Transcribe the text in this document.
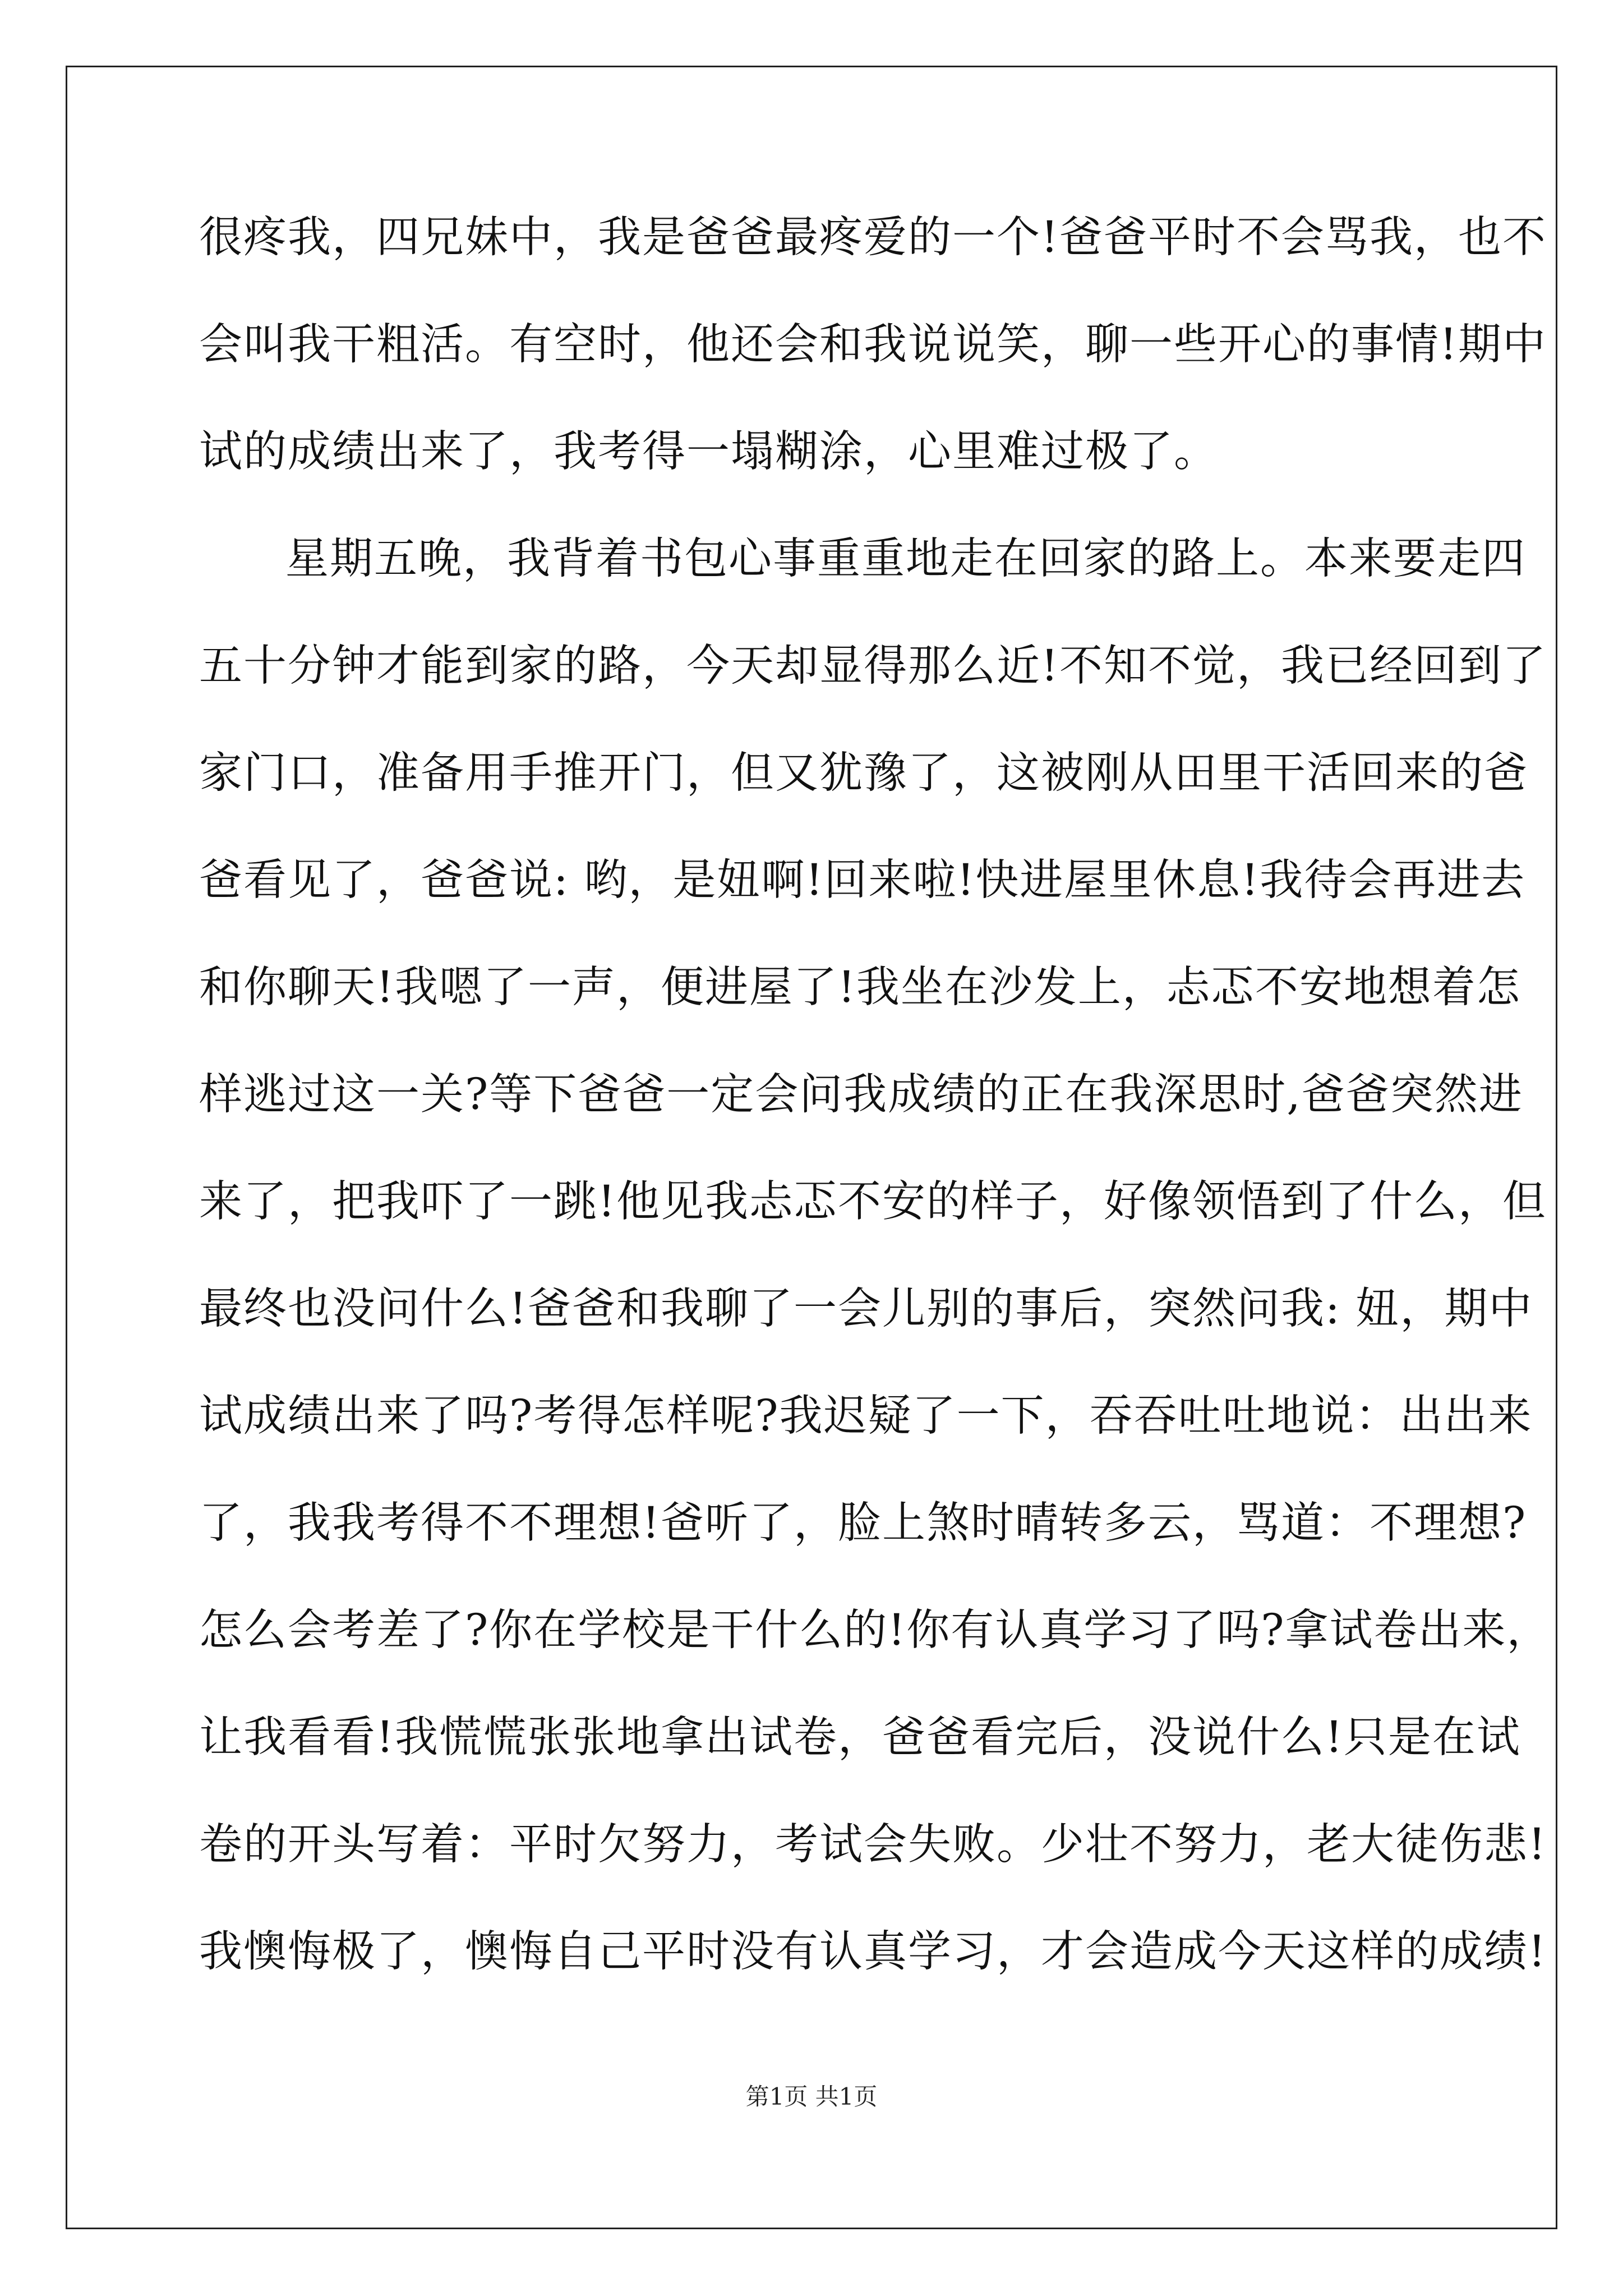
很疼我，四兄妹中，我是爸爸最疼爱的一个!爸爸平时不会骂我，也不
会叫我干粗活。有空时，他还会和我说说笑，聊一些开心的事情!期中
试的成绩出来了，我考得一塌糊涂，心里难过极了。
星期五晚，我背着书包心事重重地走在回家的路上。本来要走四
五十分钟才能到家的路，今天却显得那么近!不知不觉，我已经回到了
家门口，准备用手推开门，但又犹豫了，这被刚从田里干活回来的爸
爸看见了，爸爸说: 哟，是妞啊!回来啦!快进屋里休息!我待会再进去
和你聊天!我嗯了一声，便进屋了!我坐在沙发上，忐忑不安地想着怎
样逃过这一关?等下爸爸一定会问我成绩的正在我深思时,爸爸突然进
来了，把我吓了一跳!他见我忐忑不安的样子，好像领悟到了什么，但
最终也没问什么!爸爸和我聊了一会儿别的事后，突然问我: 妞，期中
试成绩出来了吗?考得怎样呢?我迟疑了一下，吞吞吐吐地说：出出来
了，我我考得不不理想!爸听了，脸上煞时晴转多云，骂道：不理想?
怎么会考差了?你在学校是干什么的!你有认真学习了吗?拿试卷出来，
让我看看!我慌慌张张地拿出试卷，爸爸看完后，没说什么!只是在试
卷的开头写着：平时欠努力，考试会失败。少壮不努力，老大徒伤悲!
我懊悔极了，懊悔自己平时没有认真学习，才会造成今天这样的成绩!
第1页 共1页
